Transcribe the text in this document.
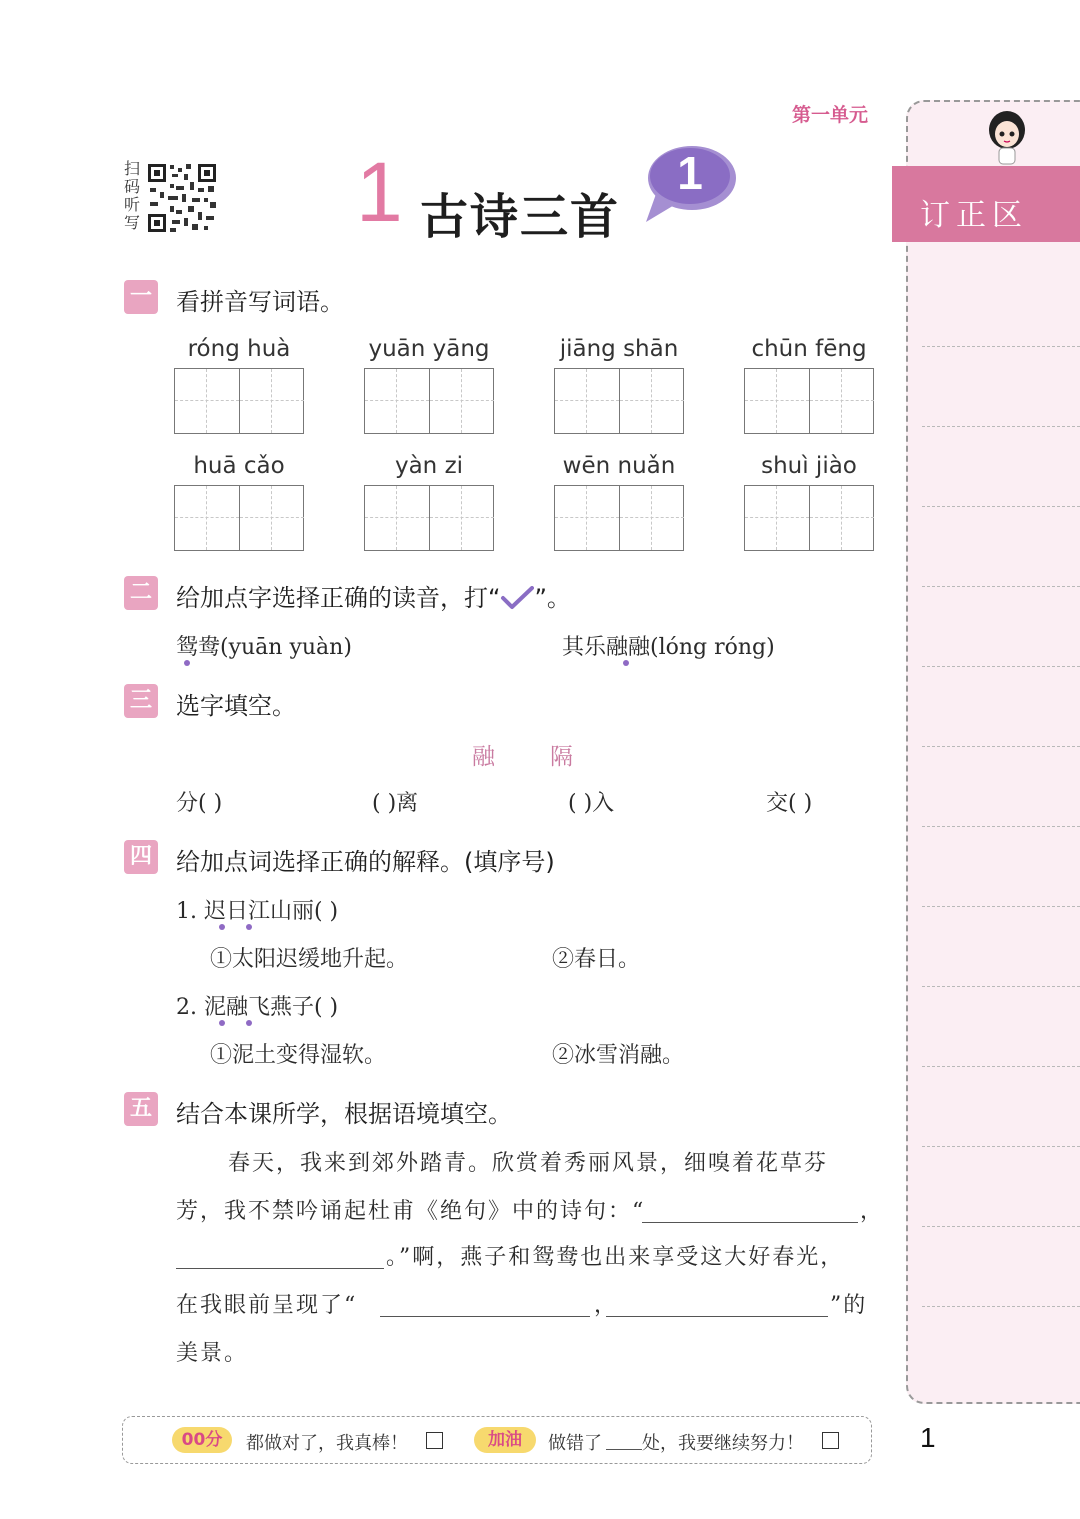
第一单元
扫码听写	1 古诗三首
1
订正区
一 看拼音写词语。
róng huà	yuān yāng	jiāng shān	chūn fēng
huā cǎo	yàn zi	wēn nuǎn	shuì jiào
二 给加点字选择正确的读音，打“ ”。
鸳鸯(yuān yuàn)	其乐融融(lóng róng)
三 选字填空。
融 隔
分( )	( )离	( )入	交( )
四 给加点词选择正确的解释。(填序号)
1. 迟日江山丽( )
①太阳迟缓地升起。	②春日。
2. 泥融飞燕子( )
①泥土变得湿软。	②冰雪消融。
五 结合本课所学，根据语境填空。
春天，我来到郊外踏青。欣赏着秀丽风景，细嗅着花草芬
芳，我不禁吟诵起杜甫《绝句》中的诗句：“	，
。”啊，燕子和鸳鸯也出来享受这大好春光，
在我眼前呈现了“	，	”的
美景。
00分	都做对了，我真棒！	加油	做错了 处，我要继续努力！	1
